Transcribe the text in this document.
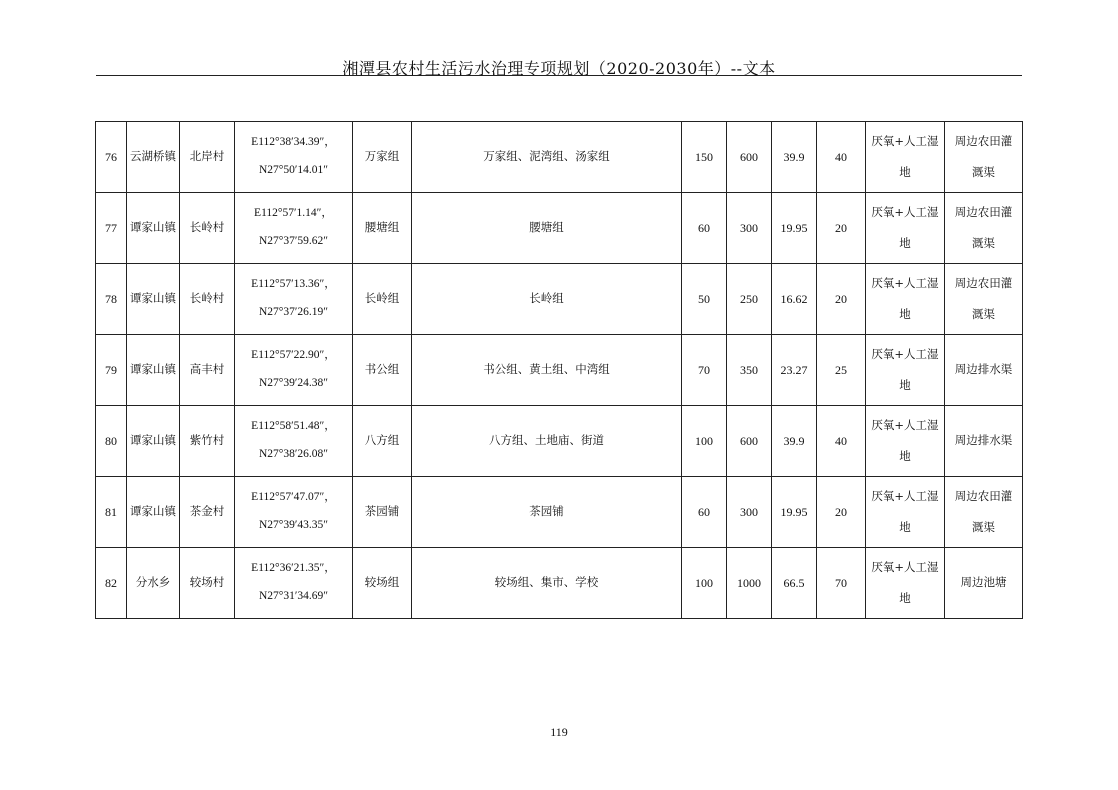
湘潭县农村生活污水治理专项规划（2020-2030年）--文本
76	云湖桥镇	北岸村	E112°38′34.39″，
N27°50′14.01″	万家组	万家组、泥湾组、汤家组	150	600	39.9	40	厌氧+人工湿
地	周边农田灌
溉渠

77	谭家山镇	长岭村	E112°57′1.14″，
N27°37′59.62″	腰塘组	腰塘组	60	300	19.95	20	厌氧+人工湿
地	周边农田灌
溉渠

78	谭家山镇	长岭村	E112°57′13.36″，
N27°37′26.19″	长岭组	长岭组	50	250	16.62	20	厌氧+人工湿
地	周边农田灌
溉渠

79	谭家山镇	高丰村	E112°57′22.90″，
N27°39′24.38″	书公组	书公组、黄土组、中湾组	70	350	23.27	25	厌氧+人工湿
地	周边排水渠
80	谭家山镇	紫竹村	E112°58′51.48″，
N27°38′26.08″	八方组	八方组、土地庙、街道	100	600	39.9	40	厌氧+人工湿
地	周边排水渠
81	谭家山镇	茶金村	E112°57′47.07″，
N27°39′43.35″	茶园铺	茶园铺	60	300	19.95	20	厌氧+人工湿
地	周边农田灌
溉渠

82	分水乡	较场村	E112°36′21.35″，
N27°31′34.69″	较场组	较场组、集市、学校	100	1000	66.5	70	厌氧+人工湿
地	周边池塘
119
